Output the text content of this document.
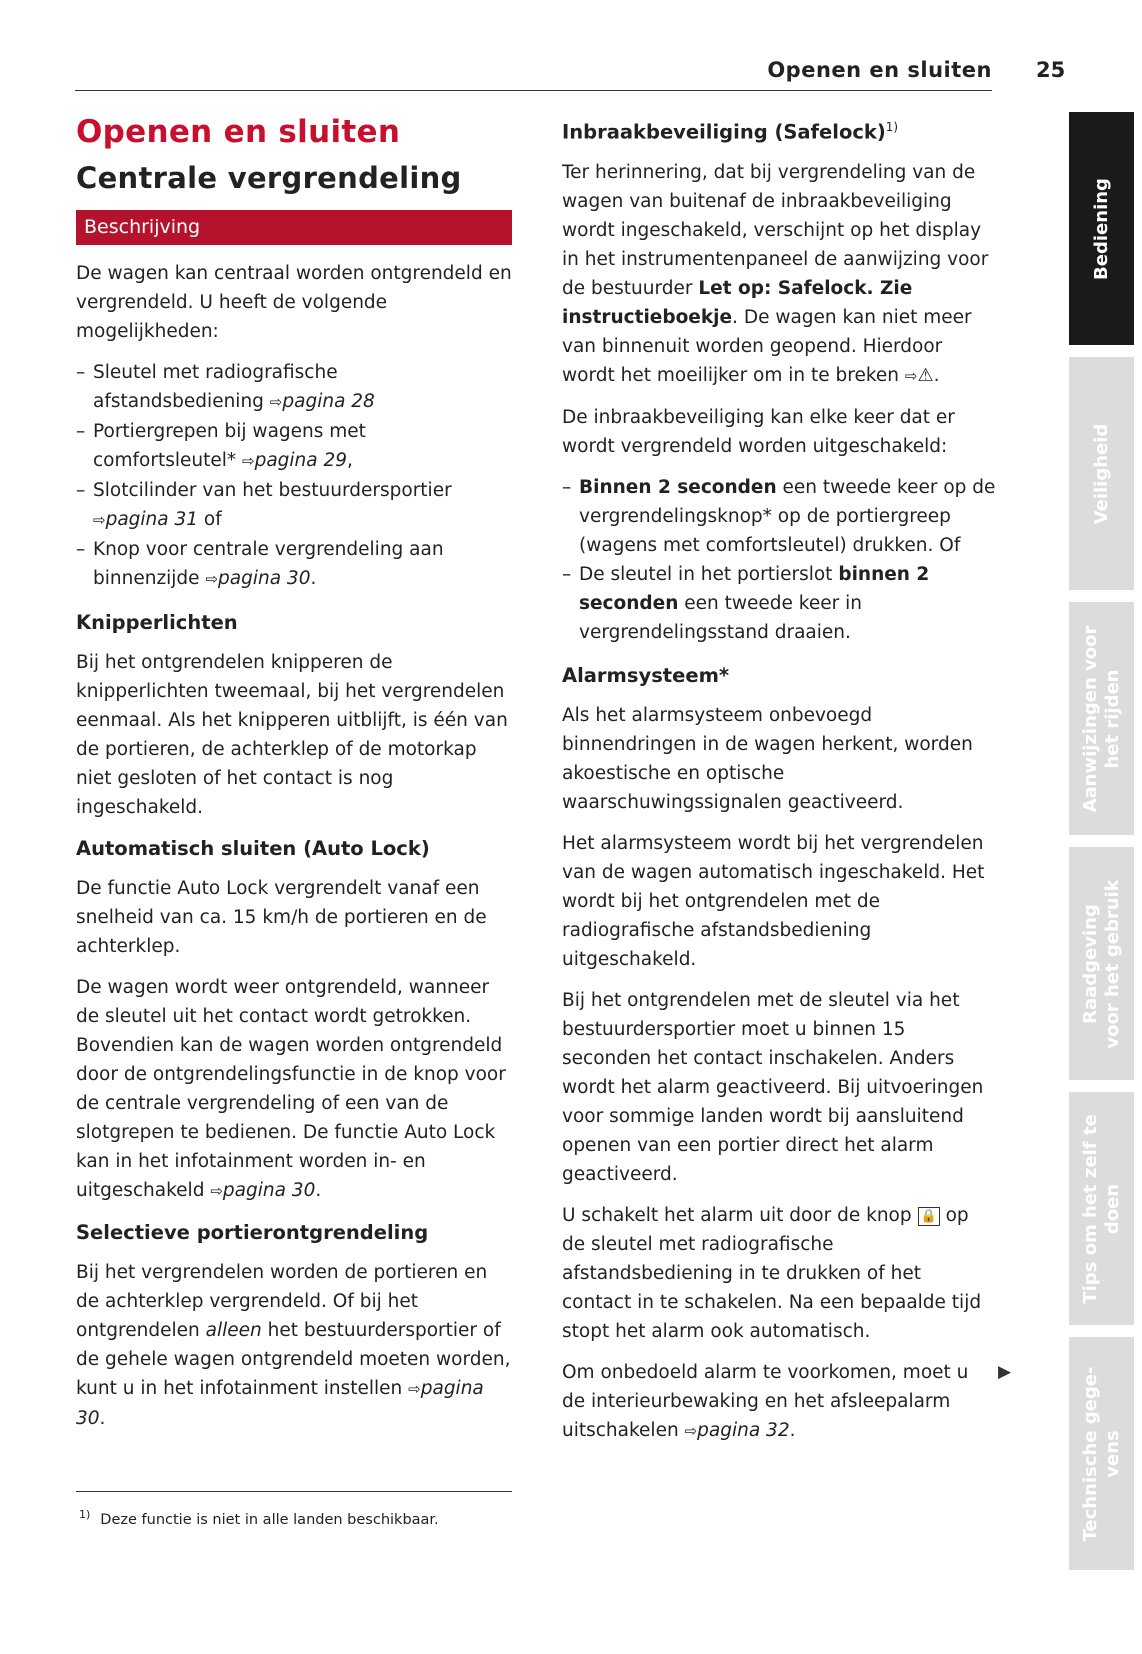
Openen en sluiten 25
Openen en sluiten
Centrale vergrendeling
Beschrijving

De wagen kan centraal worden ontgrendeld en vergrendeld. U heeft de volgende mogelijkheden:

– Sleutel met radiografische afstandsbediening ⇨pagina 28
– Portiergrepen bij wagens met comfortsleutel* ⇨pagina 29,
– Slotcilinder van het bestuurdersportier ⇨pagina 31 of
– Knop voor centrale vergrendeling aan binnenzijde ⇨pagina 30.
Knipperlichten

Bij het ontgrendelen knipperen de knipperlichten tweemaal, bij het vergrendelen eenmaal. Als het knipperen uitblijft, is één van de portieren, de achterklep of de motorkap niet gesloten of het contact is nog ingeschakeld.

Automatisch sluiten (Auto Lock)

De functie Auto Lock vergrendelt vanaf een snelheid van ca. 15 km/h de portieren en de achterklep.

De wagen wordt weer ontgrendeld, wanneer de sleutel uit het contact wordt getrokken. Bovendien kan de wagen worden ontgrendeld door de ontgrendelingsfunctie in de knop voor de centrale vergrendeling of een van de slotgrepen te bedienen. De functie Auto Lock kan in het infotainment worden in- en uitgeschakeld ⇨pagina 30.

Selectieve portierontgrendeling

Bij het vergrendelen worden de portieren en de achterklep vergrendeld. Of bij het ontgrendelen alleen het bestuurdersportier of de gehele wagen ontgrendeld moeten worden, kunt u in het infotainment instellen ⇨pagina 30.

Inbraakbeveiliging (Safelock)$^{1)}$

Ter herinnering, dat bij vergrendeling van de wagen van buitenaf de inbraakbeveiliging wordt ingeschakeld, verschijnt op het display in het instrumentenpaneel de aanwijzing voor de bestuurder Let op: Safelock. Zie instructieboekje. De wagen kan niet meer van binnenuit worden geopend. Hierdoor wordt het moeilijker om in te breken ⇨⚠.

De inbraakbeveiliging kan elke keer dat er wordt vergrendeld worden uitgeschakeld:

– Binnen 2 seconden een tweede keer op de vergrendelingsknop* op de portiergreep (wagens met comfortsleutel) drukken. Of
– De sleutel in het portierslot binnen 2 seconden een tweede keer in vergrendelingsstand draaien.
Alarmsysteem*

Als het alarmsysteem onbevoegd binnendringen in de wagen herkent, worden akoestische en optische waarschuwingssignalen geactiveerd.

Het alarmsysteem wordt bij het vergrendelen van de wagen automatisch ingeschakeld. Het wordt bij het ontgrendelen met de radiografische afstandsbediening uitgeschakeld.

Bij het ontgrendelen met de sleutel via het bestuurdersportier moet u binnen 15 seconden het contact inschakelen. Anders wordt het alarm geactiveerd. Bij uitvoeringen voor sommige landen wordt bij aansluitend openen van een portier direct het alarm geactiveerd.

U schakelt het alarm uit door de knop 🔒 op de sleutel met radiografische afstandsbediening in te drukken of het contact in te schakelen. Na een bepaalde tijd stopt het alarm ook automatisch.

Om onbedoeld alarm te voorkomen, moet u de interieurbewaking en het afsleepalarm uitschakelen ⇨pagina 32.

▶
$^{1)}$ Deze functie is niet in alle landen beschikbaar.
Bediening
Veiligheid
Aanwijzingen voor
het rijden
Raadgeving
voor het gebruik
Tips om het zelf te
doen
Technische gege-
vens
